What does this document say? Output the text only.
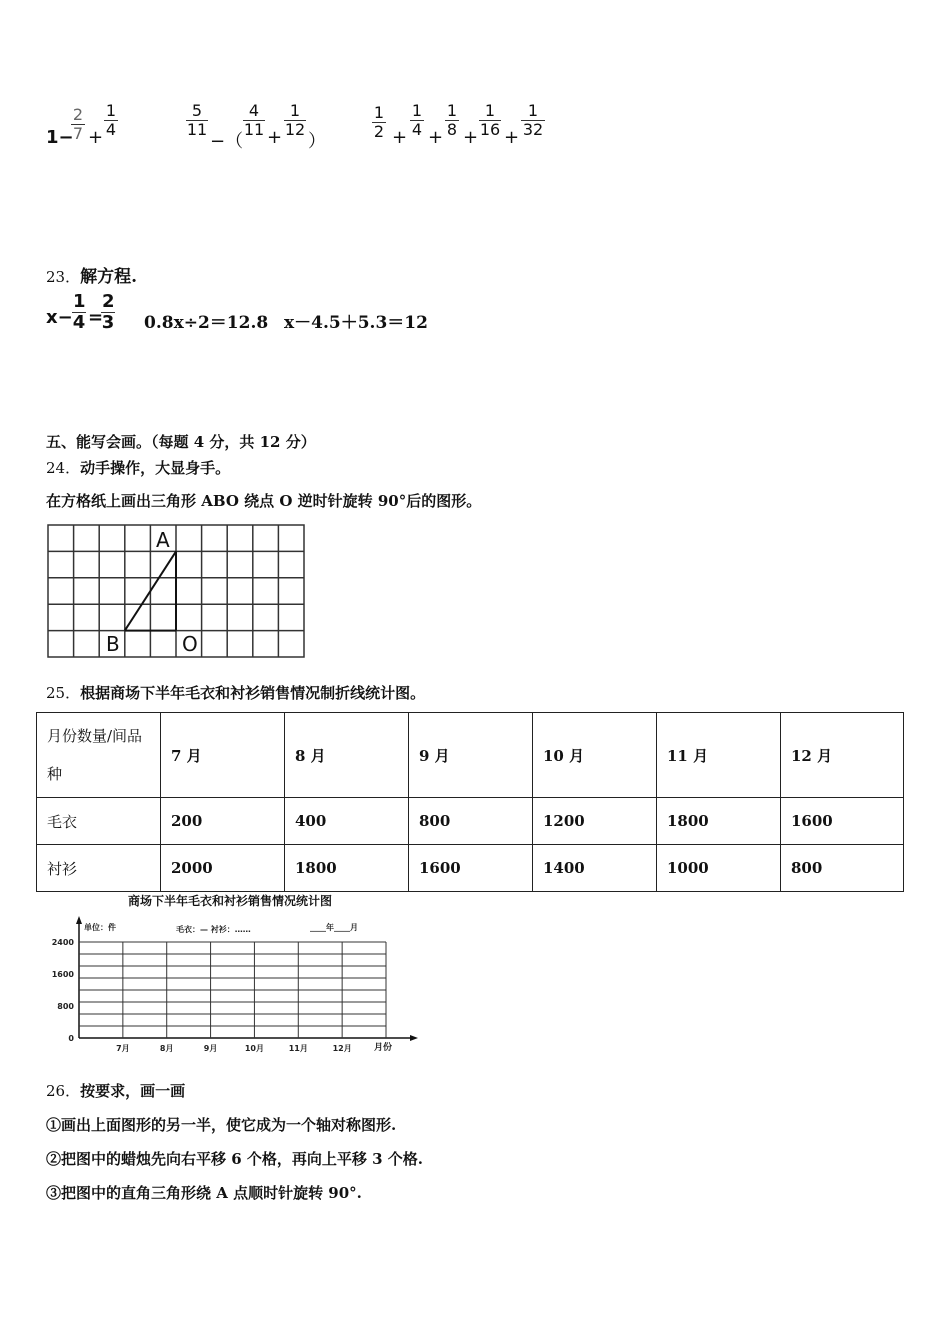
1−
$\frac{2}{7} + \frac{1}{4}$	$\frac{5}{11}$
−（
$\frac{4}{11} + \frac{1}{12}$
）
$\frac{1}{2} + \frac{1}{4} + \frac{1}{8} + \frac{1}{16} + \frac{1}{32}$
23．解方程.
$x- \frac{1}{4}$ =
$\frac{2}{3} 0.8x\div 2=12.8$ x－4.5＋5.3＝12
五、能写会画。（每题 4 分，共 12 分）
24．动手操作，大显身手。
在方格纸上画出三角形 ABO 绕点 O 逆时针旋转 90°后的图形。
A
B	O
25．根据商场下半年毛衣和衬衫销售情况制折线统计图。
月份数量/间品
种	7 月	8 月	9 月	10 月	11 月	12 月
毛衣	200	400	800	1200	1800	1600
衬衫	2000	1800	1600	1400	1000	800
商场下半年毛衣和衬衫销售情况统计图
单位：件	毛衣：— 衬衫：……	____年____月
2400
1600
800
0
7月	8月	9月	10月	11月	12月 月份
26．按要求，画一画
①画出上面图形的另一半，使它成为一个轴对称图形.
②把图中的蜡烛先向右平移 6 个格，再向上平移 3 个格.
③把图中的直角三角形绕 A 点顺时针旋转 90°.
